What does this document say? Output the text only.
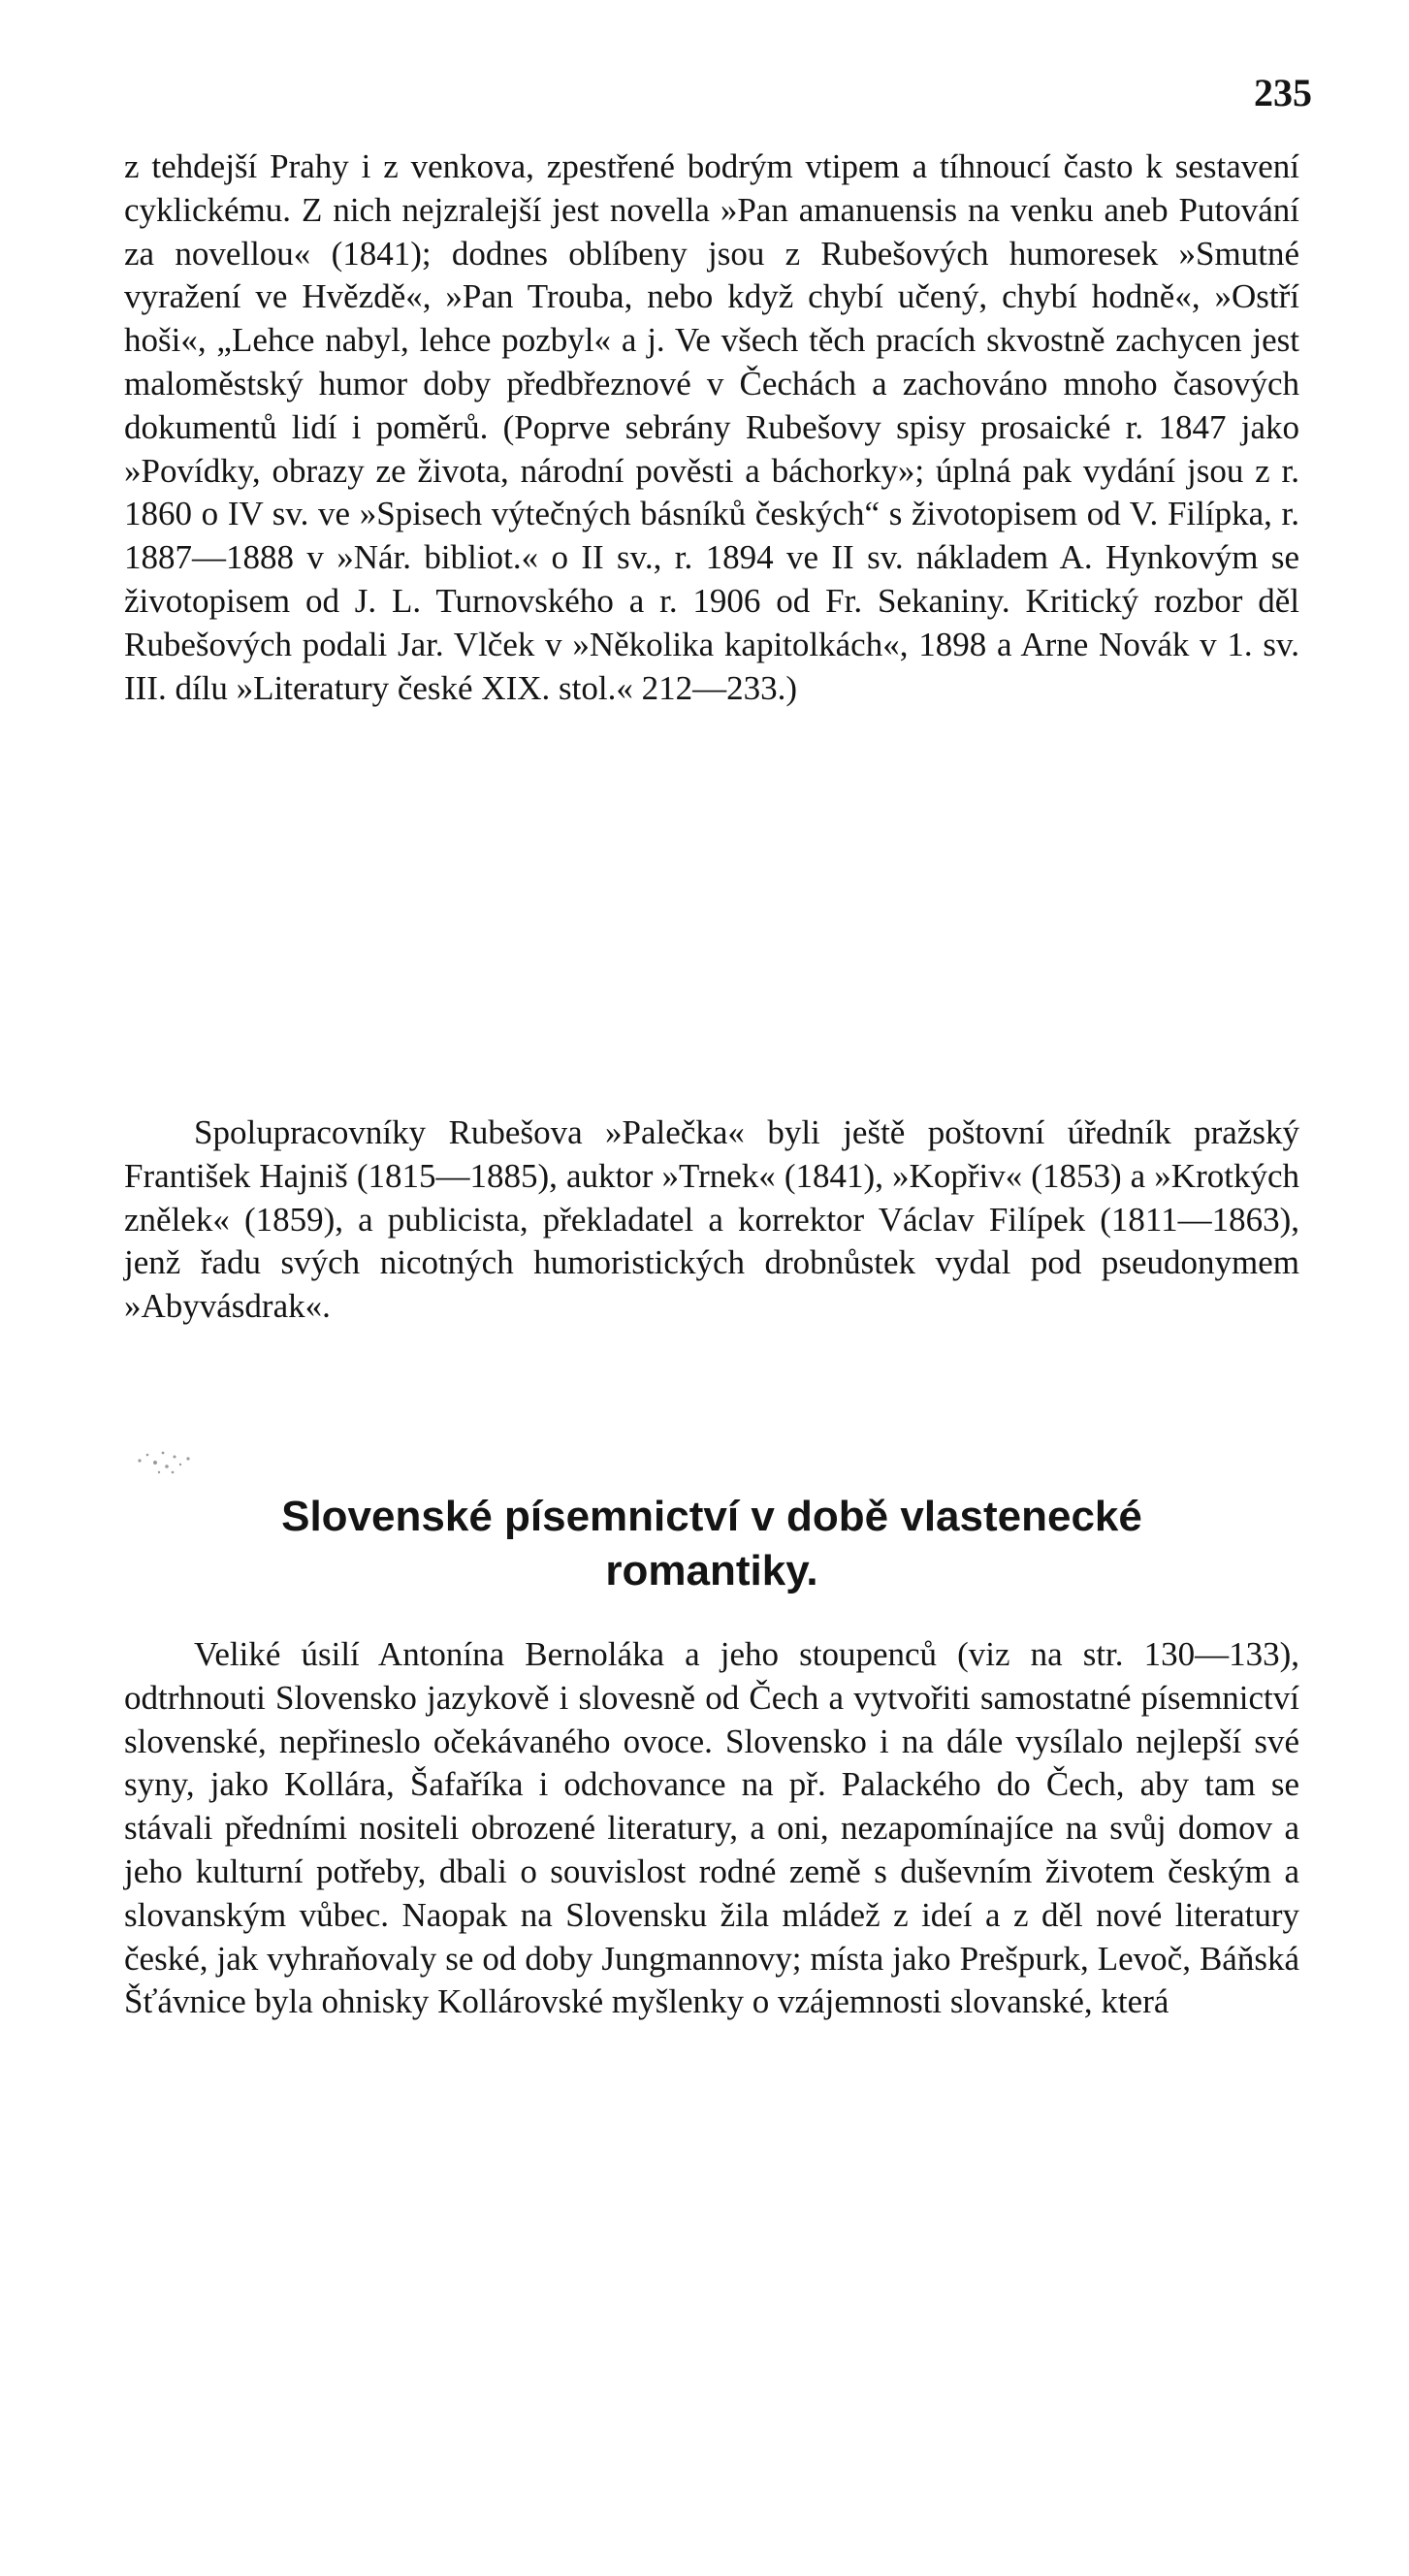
235

z tehdejší Prahy i z venkova, zpestřené bodrým vtipem a tíhnoucí často k sestavení cyklickému. Z nich nejzralejší jest novella »Pan amanuensis na venku aneb Putování za novellou« (1841); dodnes oblíbeny jsou z Rubešových humoresek »Smutné vyražení ve Hvězdě«, »Pan Trouba, nebo když chybí učený, chybí hodně«, »Ostří hoši«, „Lehce nabyl, lehce pozbyl« a j. Ve všech těch pracích skvostně zachycen jest maloměstský humor doby předbřeznové v Čechách a zachováno mnoho časových dokumentů lidí i poměrů. (Poprve sebrány Rubešovy spisy prosaické r. 1847 jako »Povídky, obrazy ze života, národní pověsti a báchorky»; úplná pak vydání jsou z r. 1860 o IV sv. ve »Spisech výtečných básníků českých“ s životopisem od V. Filípka, r. 1887—1888 v »Nár. bibliot.« o II sv., r. 1894 ve II sv. nákladem A. Hynkovým se životopisem od J. L. Turnovského a r. 1906 od Fr. Sekaniny. Kritický rozbor děl Rubešových podali Jar. Vlček v »Několika kapitolkách«, 1898 a Arne Novák v 1. sv. III. dílu »Literatury české XIX. stol.« 212—233.)

Spolupracovníky Rubešova »Palečka« byli ještě poštovní úředník pražský František Hajniš (1815—1885), auktor »Trnek« (1841), »Kopřiv« (1853) a »Krotkých znělek« (1859), a publicista, překladatel a korrektor Václav Filípek (1811—1863), jenž řadu svých nicotných humoristických drobnůstek vydal pod pseudonymem »Abyvásdrak«.

Slovenské písemnictví v době vlastenecké
romantiky.

Veliké úsilí Antonína Bernoláka a jeho stoupenců (viz na str. 130—133), odtrhnouti Slovensko jazykově i slovesně od Čech a vytvořiti samostatné písemnictví slovenské, nepřineslo očekávaného ovoce. Slovensko i na dále vysílalo nejlepší své syny, jako Kollára, Šafaříka i odchovance na př. Palackého do Čech, aby tam se stávali předními nositeli obrozené literatury, a oni, nezapomínajíce na svůj domov a jeho kulturní potřeby, dbali o souvislost rodné země s duševním životem českým a slovanským vůbec. Naopak na Slovensku žila mládež z ideí a z děl nové literatury české, jak vyhraňovaly se od doby Jungmannovy; místa jako Prešpurk, Levoč, Báňská Šťávnice byla ohnisky Kollárovské myšlenky o vzájemnosti slovanské, která
